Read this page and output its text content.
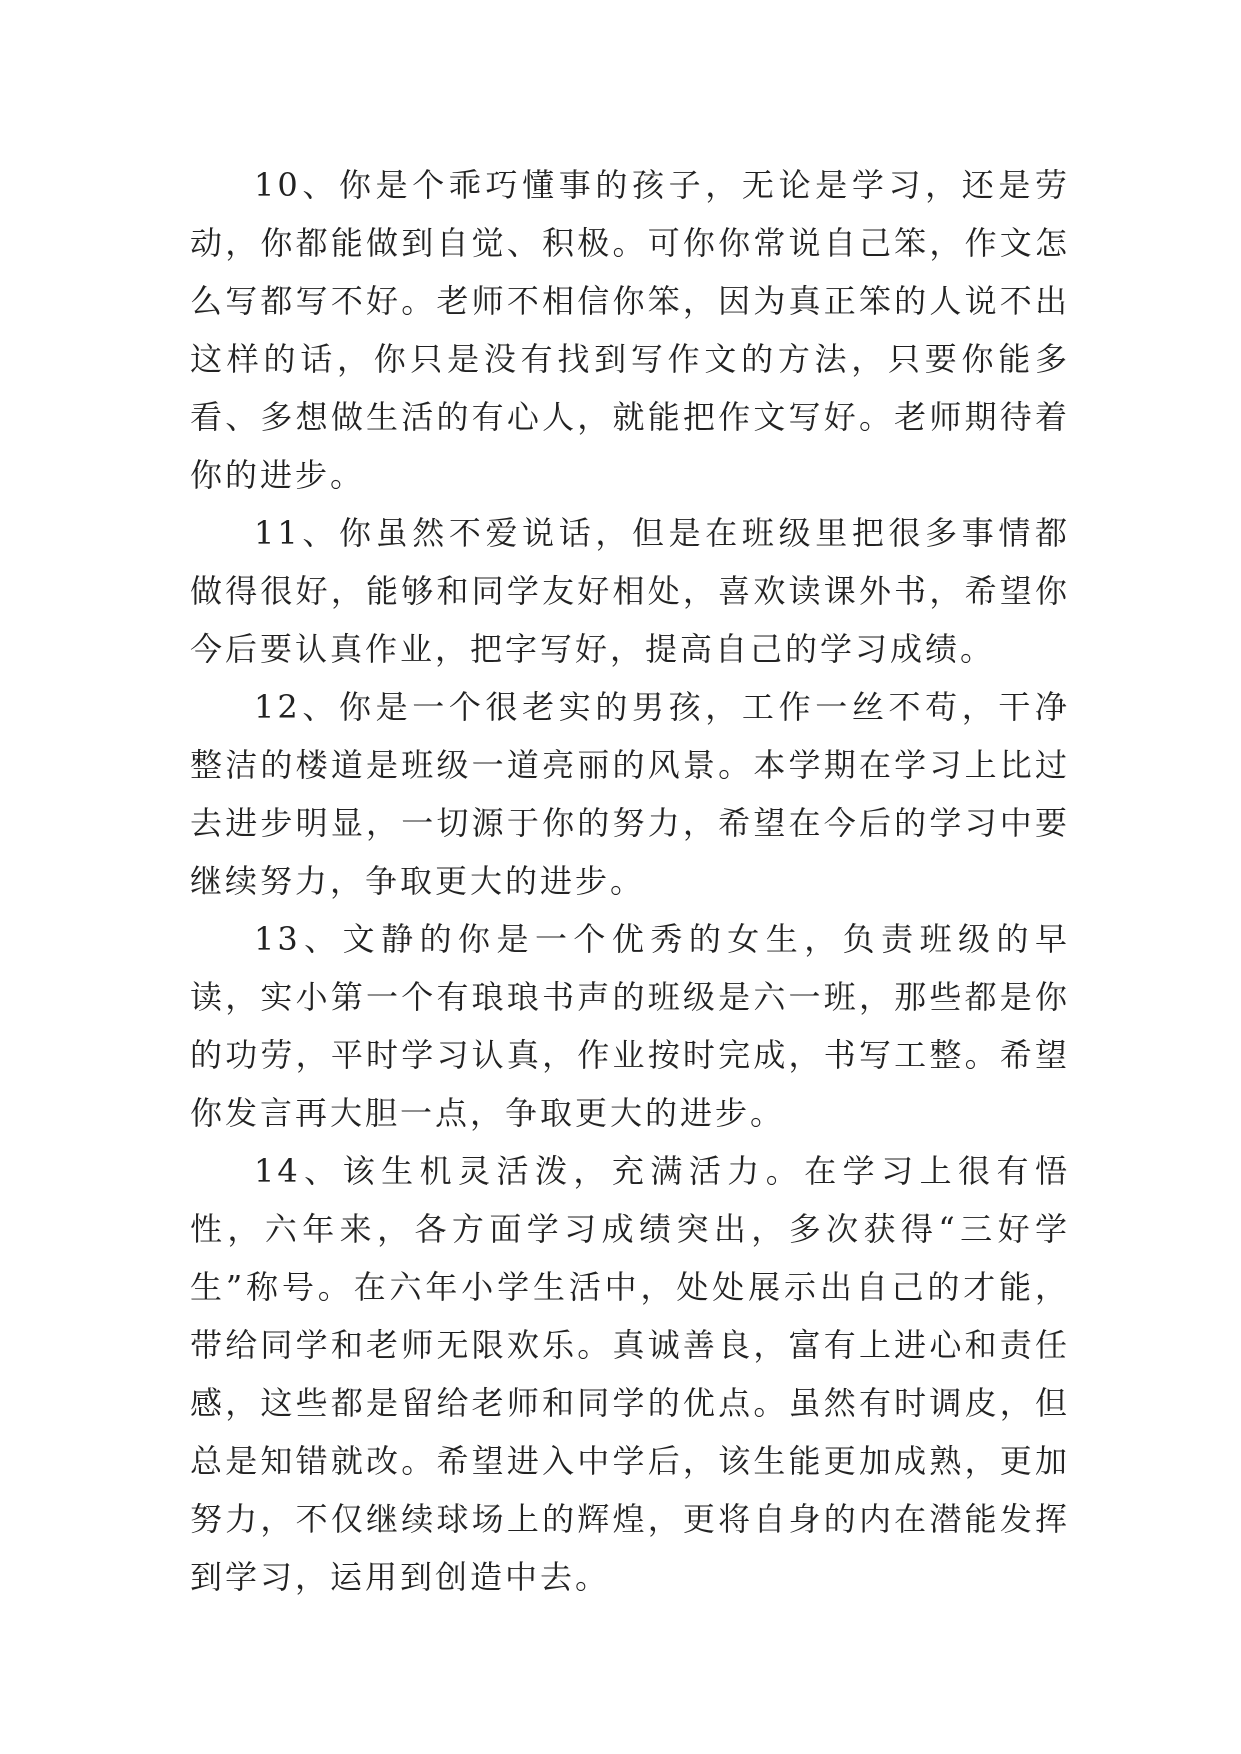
10、你是个乖巧懂事的孩子，无论是学习，还是劳动，你都能做到自觉、积极。可你你常说自己笨，作文怎么写都写不好。老师不相信你笨，因为真正笨的人说不出这样的话，你只是没有找到写作文的方法，只要你能多看、多想做生活的有心人，就能把作文写好。老师期待着你的进步。

11、你虽然不爱说话，但是在班级里把很多事情都做得很好，能够和同学友好相处，喜欢读课外书，希望你今后要认真作业，把字写好，提高自己的学习成绩。

12、你是一个很老实的男孩，工作一丝不苟，干净整洁的楼道是班级一道亮丽的风景。本学期在学习上比过去进步明显，一切源于你的努力，希望在今后的学习中要继续努力，争取更大的进步。

13、文静的你是一个优秀的女生，负责班级的早读，实小第一个有琅琅书声的班级是六一班，那些都是你的功劳，平时学习认真，作业按时完成，书写工整。希望你发言再大胆一点，争取更大的进步。

14、该生机灵活泼，充满活力。在学习上很有悟性，六年来，各方面学习成绩突出，多次获得“三好学生”称号。在六年小学生活中，处处展示出自己的才能，带给同学和老师无限欢乐。真诚善良，富有上进心和责任感，这些都是留给老师和同学的优点。虽然有时调皮，但总是知错就改。希望进入中学后，该生能更加成熟，更加努力，不仅继续球场上的辉煌，更将自身的内在潜能发挥到学习，运用到创造中去。
